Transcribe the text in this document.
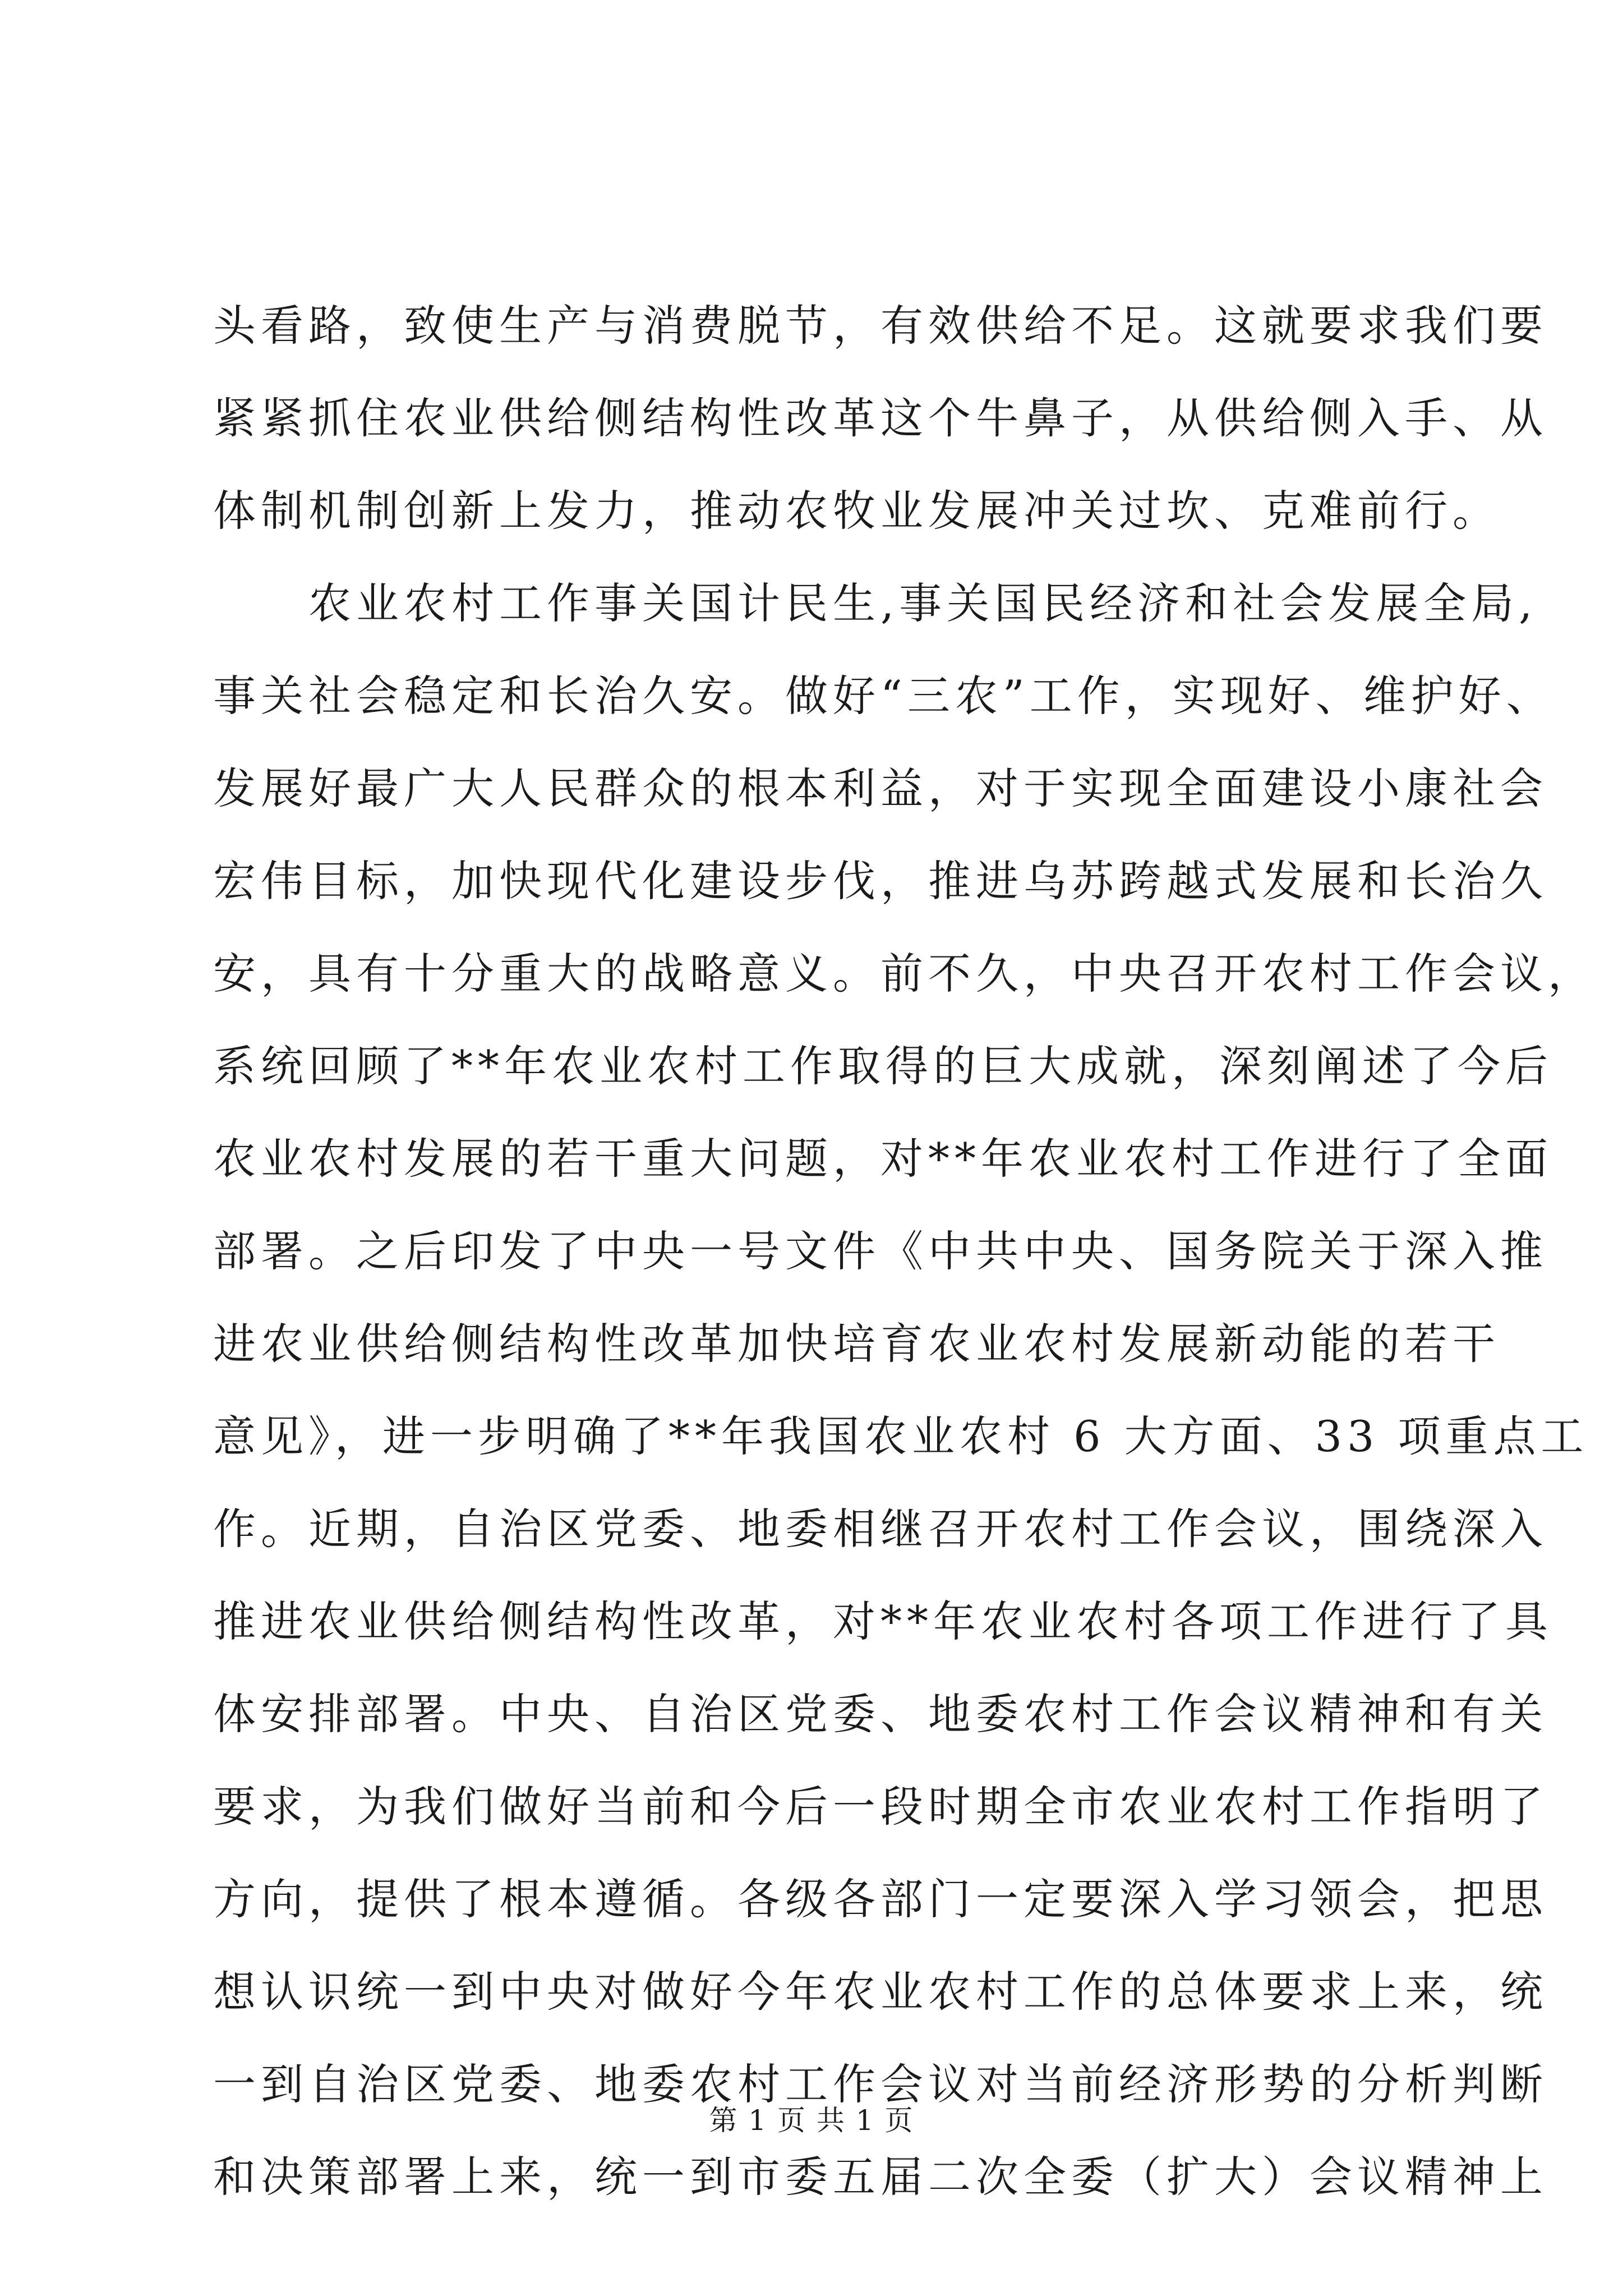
头看路，致使生产与消费脱节，有效供给不足。这就要求我们要
紧紧抓住农业供给侧结构性改革这个牛鼻子，从供给侧入手、从
体制机制创新上发力，推动农牧业发展冲关过坎、克难前行。
农业农村工作事关国计民生,事关国民经济和社会发展全局,
事关社会稳定和长治久安。做好“三农”工作，实现好、维护好、
发展好最广大人民群众的根本利益，对于实现全面建设小康社会
宏伟目标，加快现代化建设步伐，推进乌苏跨越式发展和长治久
安，具有十分重大的战略意义。前不久，中央召开农村工作会议，
系统回顾了**年农业农村工作取得的巨大成就，深刻阐述了今后
农业农村发展的若干重大问题，对**年农业农村工作进行了全面
部署。之后印发了中央一号文件《中共中央、国务院关于深入推
进农业供给侧结构性改革加快培育农业农村发展新动能的若干
意见》，进一步明确了**年我国农业农村 6 大方面、33 项重点工
作。近期，自治区党委、地委相继召开农村工作会议，围绕深入
推进农业供给侧结构性改革，对**年农业农村各项工作进行了具
体安排部署。中央、自治区党委、地委农村工作会议精神和有关
要求，为我们做好当前和今后一段时期全市农业农村工作指明了
方向，提供了根本遵循。各级各部门一定要深入学习领会，把思
想认识统一到中央对做好今年农业农村工作的总体要求上来，统
一到自治区党委、地委农村工作会议对当前经济形势的分析判断
和决策部署上来，统一到市委五届二次全委（扩大）会议精神上
第 1 页 共 1 页
